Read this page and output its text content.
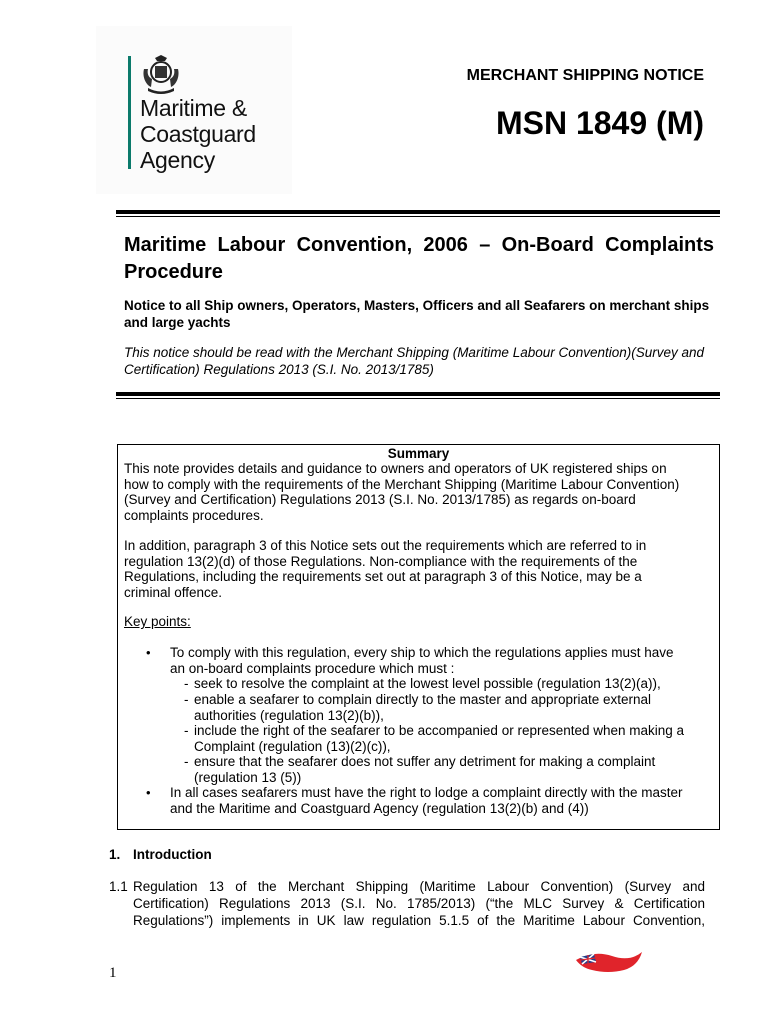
Maritime &
Coastguard
Agency
MERCHANT SHIPPING NOTICE
MSN 1849 (M)
Maritime Labour Convention, 2006 – On-Board Complaints Procedure
Notice to all Ship owners, Operators, Masters, Officers and all Seafarers on merchant ships and large yachts
This notice should be read with the Merchant Shipping (Maritime Labour Convention)(Survey and Certification) Regulations 2013 (S.I. No. 2013/1785)
Summary
This note provides details and guidance to owners and operators of UK registered ships on
how to comply with the requirements of the Merchant Shipping (Maritime Labour Convention)
(Survey and Certification) Regulations 2013 (S.I. No. 2013/1785) as regards on-board
complaints procedures.
In addition, paragraph 3 of this Notice sets out the requirements which are referred to in
regulation 13(2)(d) of those Regulations. Non-compliance with the requirements of the
Regulations, including the requirements set out at paragraph 3 of this Notice, may be a
criminal offence.
Key points:
• To comply with this regulation, every ship to which the regulations applies must have
an on-board complaints procedure which must :
- seek to resolve the complaint at the lowest level possible (regulation 13(2)(a)),
- enable a seafarer to complain directly to the master and appropriate external
authorities (regulation 13(2)(b)),
- include the right of the seafarer to be accompanied or represented when making a
Complaint (regulation (13)(2)(c)),
- ensure that the seafarer does not suffer any detriment for making a complaint
(regulation 13 (5))
• In all cases seafarers must have the right to lodge a complaint directly with the master
and the Maritime and Coastguard Agency (regulation 13(2)(b) and (4))
1. Introduction
1.1 Regulation 13 of the Merchant Shipping (Maritime Labour Convention) (Survey and
Certification) Regulations 2013 (S.I. No. 1785/2013) (“the MLC Survey & Certification
Regulations”) implements in UK law regulation 5.1.5 of the Maritime Labour Convention,
1
